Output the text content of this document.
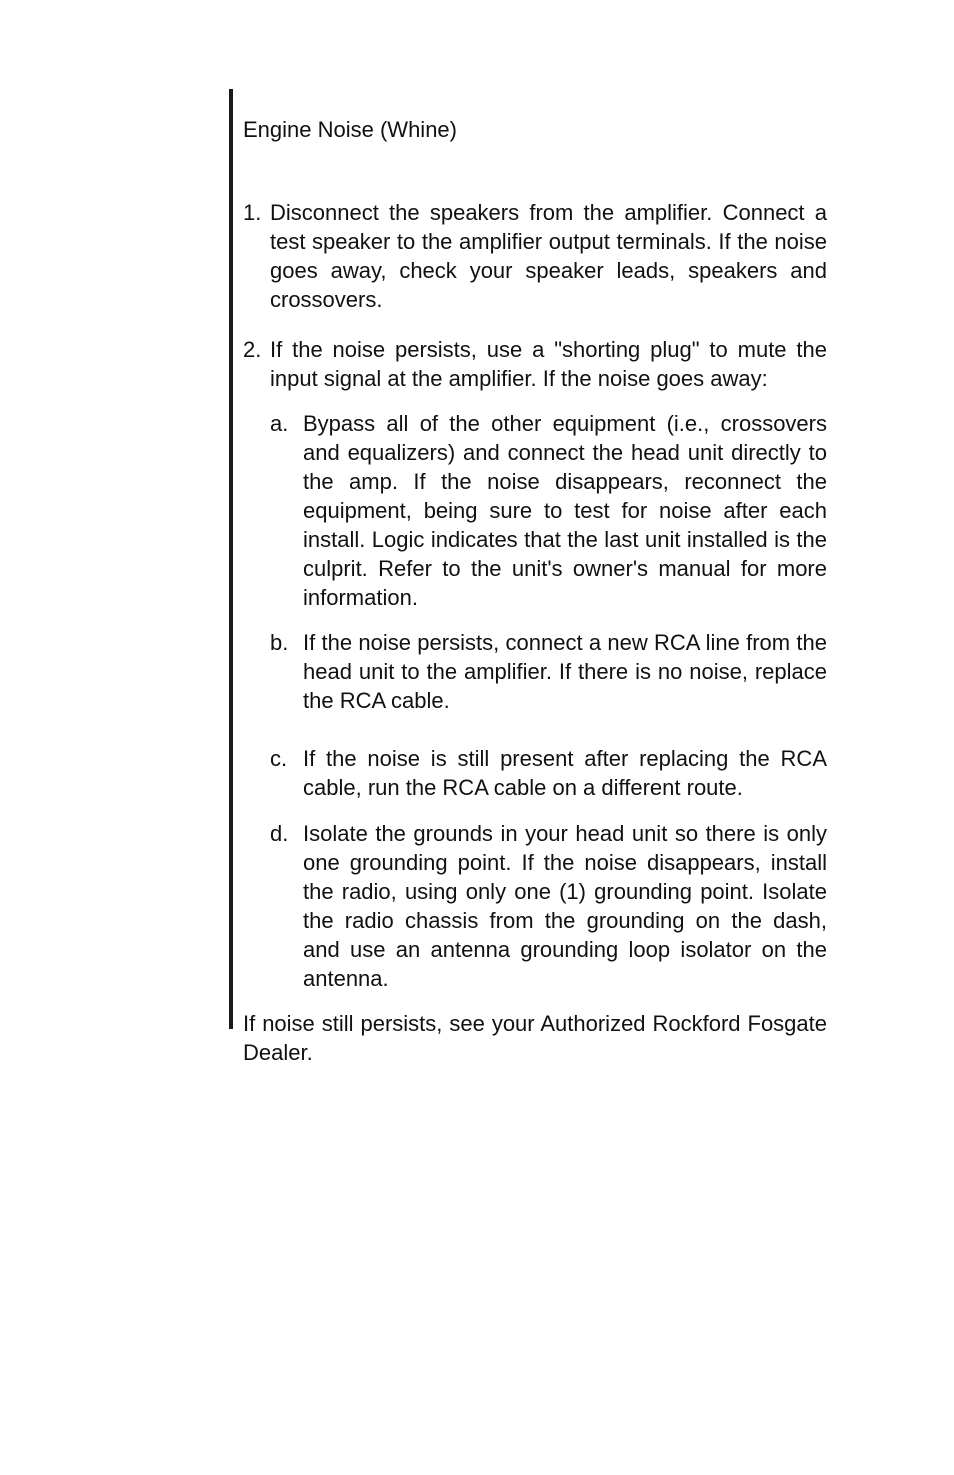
Engine Noise (Whine)
1. Disconnect the speakers from the amplifier. Connect a test speaker to the amplifier output terminals. If the noise goes away, check your speaker leads, speakers and crossovers.
2. If the noise persists, use a "shorting plug" to mute the input signal at the amplifier. If the noise goes away:
a. Bypass all of the other equipment (i.e., crossovers and equalizers) and connect the head unit directly to the amp. If the noise disappears, reconnect the equipment, being sure to test for noise after each install. Logic indicates that the last unit installed is the culprit. Refer to the unit's owner's manual for more information.
b. If the noise persists, connect a new RCA line from the head unit to the amplifier. If there is no noise, replace the RCA cable.
c. If the noise is still present after replacing the RCA cable, run the RCA cable on a different route.
d. Isolate the grounds in your head unit so there is only one grounding point. If the noise disappears, install the radio, using only one (1) grounding point. Isolate the radio chassis from the grounding on the dash, and use an antenna grounding loop isolator on the antenna.
If noise still persists, see your Authorized Rockford Fosgate Dealer.
